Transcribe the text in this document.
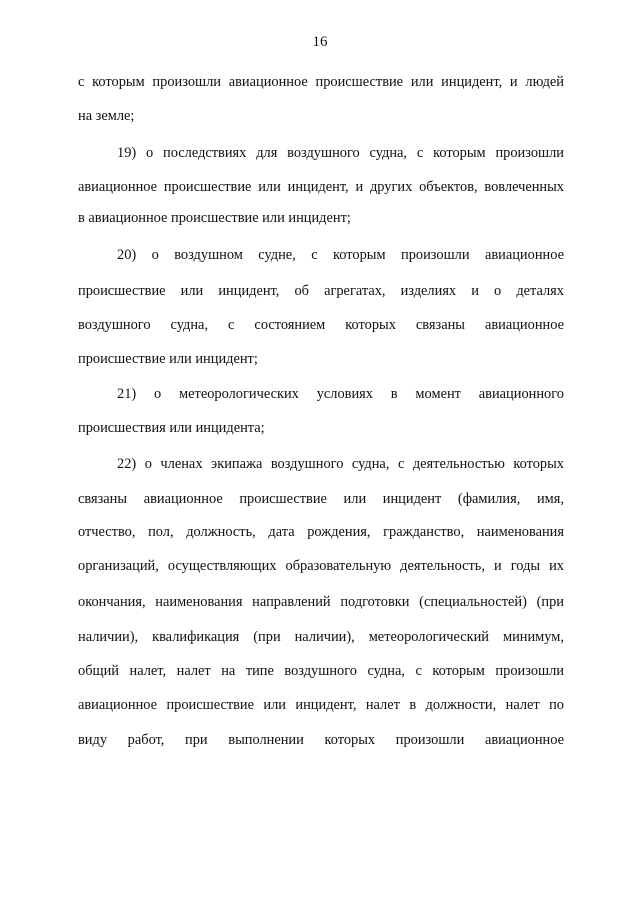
16
с которым произошли авиационное происшествие или инцидент, и людей
на земле;
19) о последствиях для воздушного судна, с которым произошли
авиационное происшествие или инцидент, и других объектов, вовлеченных
в авиационное происшествие или инцидент;
20) о воздушном судне, с которым произошли авиационное
происшествие или инцидент, об агрегатах, изделиях и о деталях
воздушного судна, с состоянием которых связаны авиационное
происшествие или инцидент;
21) о метеорологических условиях в момент авиационного
происшествия или инцидента;
22) о членах экипажа воздушного судна, с деятельностью которых
связаны авиационное происшествие или инцидент (фамилия, имя,
отчество, пол, должность, дата рождения, гражданство, наименования
организаций, осуществляющих образовательную деятельность, и годы их
окончания, наименования направлений подготовки (специальностей) (при
наличии), квалификация (при наличии), метеорологический минимум,
общий налет, налет на типе воздушного судна, с которым произошли
авиационное происшествие или инцидент, налет в должности, налет по
виду работ, при выполнении которых произошли авиационное
